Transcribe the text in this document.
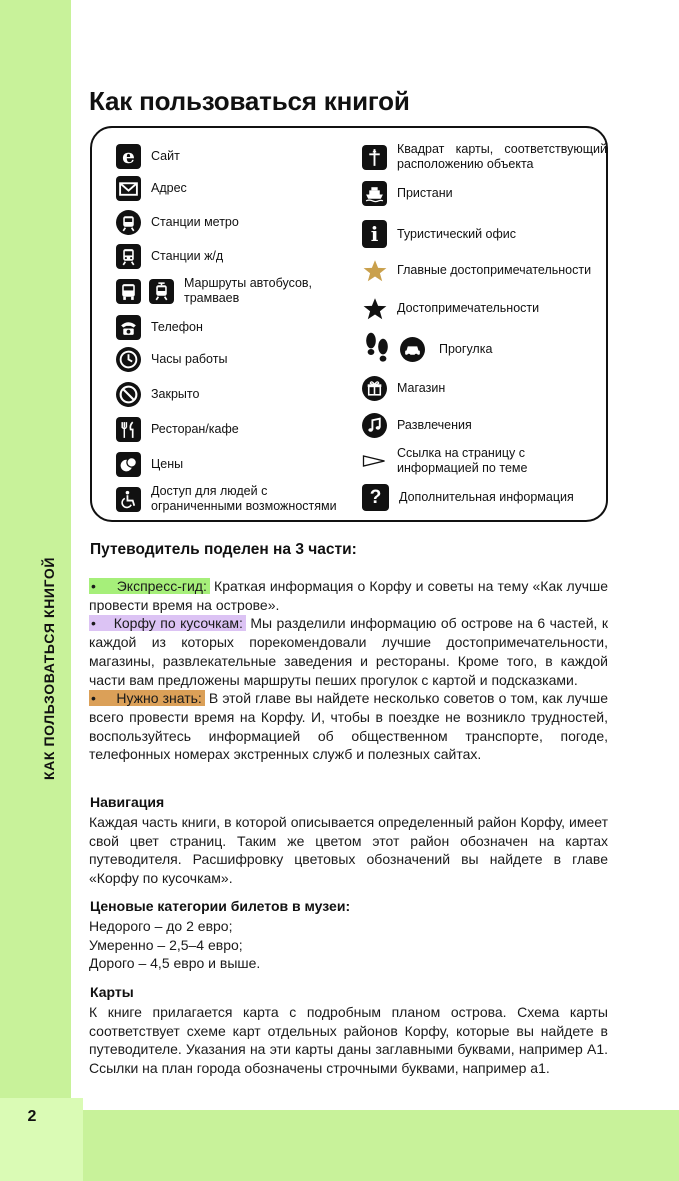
КАК ПОЛЬЗОВАТЬСЯ КНИГОЙ
2
Как пользоваться книгой
e Сайт
Адрес
Станции метро
Станции ж/д
Маршруты автобусов, трамваев
Телефон
Часы работы
Закрыто
Ресторан/кафе
Цены
Доступ для людей с ограниченными возможностями
Квадрат карты, соответствующий расположению объекта
Пристани
i Туристический офис
Главные достопримечательности
Достопримечательности
Прогулка
Магазин
Развлечения
Ссылка на страницу с информацией по теме
? Дополнительная информация
Путеводитель поделен на 3 части:

•     Экспресс-гид: Краткая информация о Корфу и советы на тему «Как лучше провести время на острове».

•    Корфу по кусочкам: Мы разделили информацию об острове на 6 частей, к каждой из которых порекомендовали лучшие достопримечательности, магазины, развлекательные заведения и рестораны. Кроме того, в каждой части вам предложены маршруты пеших прогулок с картой и подсказками.

•     Нужно знать: В этой главе вы найдете несколько советов о том, как лучше всего провести время на Корфу. И, чтобы в поездке не возникло трудностей, воспользуйтесь информацией об общественном транспорте, погоде, телефонных номерах экстренных служб и полезных сайтах.

Навигация
Каждая часть книги, в которой описывается определенный район Корфу, имеет свой цвет страниц. Таким же цветом этот район обозначен на картах путеводителя. Расшифровку цветовых обозначений вы найдете в главе «Корфу по кусочкам».
Ценовые категории билетов в музеи:

Недорого – до 2 евро;

Умеренно – 2,5–4 евро;

Дорого – 4,5 евро и выше.

Карты
К книге прилагается карта с подробным планом острова. Схема карты соответствует схеме карт отдельных районов Корфу, которые вы найдете в путеводителе. Указания на эти карты даны заглавными буквами, например A1. Ссылки на план города обозначены строчными буквами, например a1.
